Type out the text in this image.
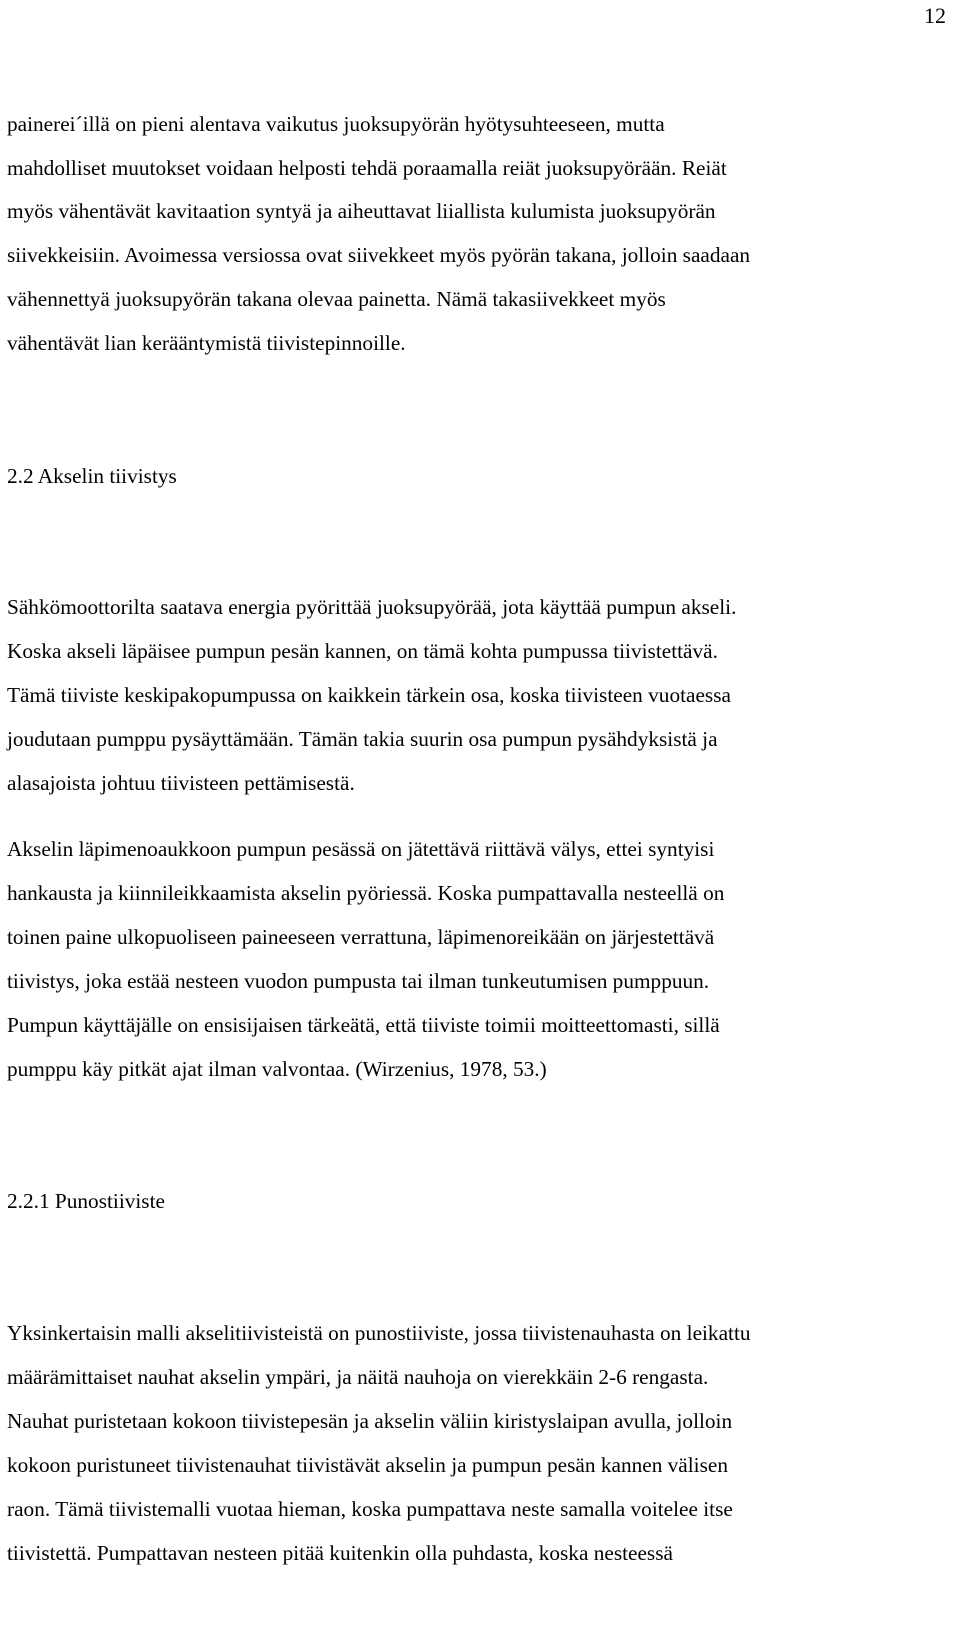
12
painerei´illä on pieni alentava vaikutus juoksupyörän hyötysuhteeseen, mutta
mahdolliset muutokset voidaan helposti tehdä poraamalla reiät juoksupyörään. Reiät
myös vähentävät kavitaation syntyä ja aiheuttavat liiallista kulumista juoksupyörän
siivekkeisiin. Avoimessa versiossa ovat siivekkeet myös pyörän takana, jolloin saadaan
vähennettyä juoksupyörän takana olevaa painetta. Nämä takasiivekkeet myös
vähentävät lian kerääntymistä tiivistepinnoille.
2.2 Akselin tiivistys
Sähkömoottorilta saatava energia pyörittää juoksupyörää, jota käyttää pumpun akseli.
Koska akseli läpäisee pumpun pesän kannen, on tämä kohta pumpussa tiivistettävä.
Tämä tiiviste keskipakopumpussa on kaikkein tärkein osa, koska tiivisteen vuotaessa
joudutaan pumppu pysäyttämään. Tämän takia suurin osa pumpun pysähdyksistä ja
alasajoista johtuu tiivisteen pettämisestä.
Akselin läpimenoaukkoon pumpun pesässä on jätettävä riittävä välys, ettei syntyisi
hankausta ja kiinnileikkaamista akselin pyöriessä. Koska pumpattavalla nesteellä on
toinen paine ulkopuoliseen paineeseen verrattuna, läpimenoreikään on järjestettävä
tiivistys, joka estää nesteen vuodon pumpusta tai ilman tunkeutumisen pumppuun.
Pumpun käyttäjälle on ensisijaisen tärkeätä, että tiiviste toimii moitteettomasti, sillä
pumppu käy pitkät ajat ilman valvontaa. (Wirzenius, 1978, 53.)
2.2.1 Punostiiviste
Yksinkertaisin malli akselitiivisteistä on punostiiviste, jossa tiivistenauhasta on leikattu
määrämittaiset nauhat akselin ympäri, ja näitä nauhoja on vierekkäin 2-6 rengasta.
Nauhat puristetaan kokoon tiivistepesän ja akselin väliin kiristyslaipan avulla, jolloin
kokoon puristuneet tiivistenauhat tiivistävät akselin ja pumpun pesän kannen välisen
raon. Tämä tiivistemalli vuotaa hieman, koska pumpattava neste samalla voitelee itse
tiivistettä. Pumpattavan nesteen pitää kuitenkin olla puhdasta, koska nesteessä
